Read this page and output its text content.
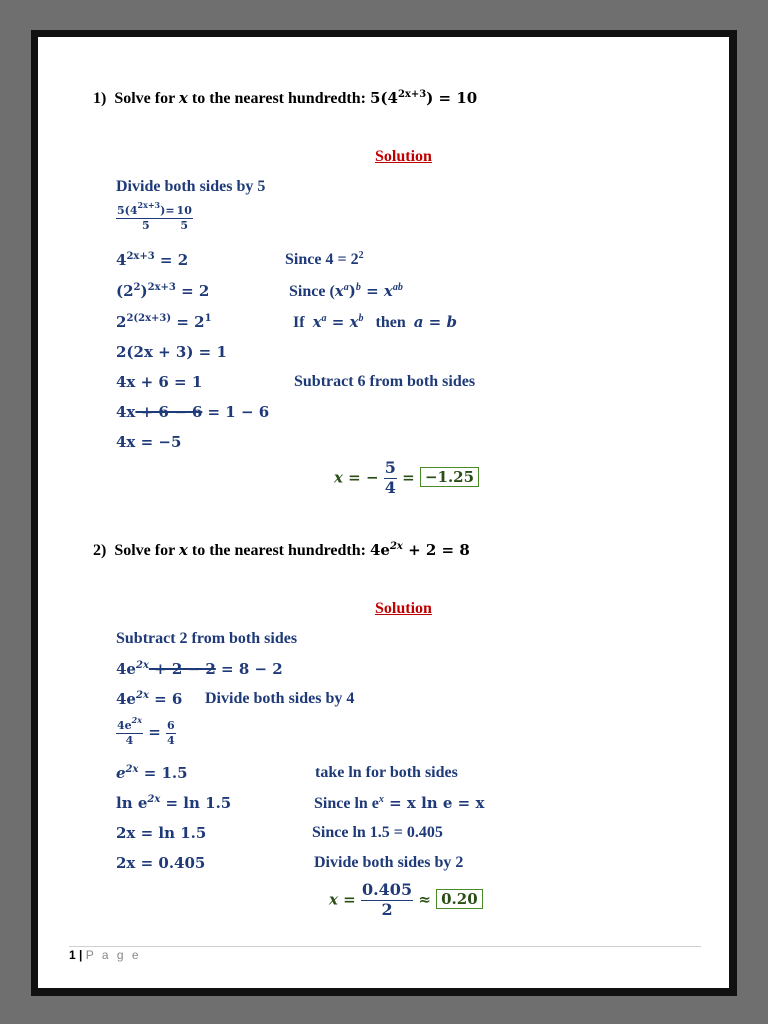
1) Solve for x to the nearest hundredth: $5(4^{2x+3}) = 10$
Solution
Divide both sides by 5
$\frac{5(4^{2x+3})=}{5} \frac{10}{5}$
$4^{2x+3} = 2$	Since $4 = 2^2$
$(2^2)^{2x+3} = 2$	Since $(x^a)^b = x^{ab}$
$2^{2(2x+3)} = 2^1$	If $x^a = x^b$ then a = b
2(2x + 3) = 1
4x + 6 = 1	Subtract 6 from both sides
4x + 6 − 6 = 1 − 6
4x = −5
x = − $\frac{5}{4} = -1.25$
2) Solve for x to the nearest hundredth: $4e^{2x} + 2 = 8$
Solution
Subtract 2 from both sides
$4e^{2x} + 2 - 2 = 8 - 2$
$4e^{2x} = 6$ Divide both sides by 4
$\frac{4e^{2x}}{4} = \frac{6}{4}$
$e^{2x} = 1.5$	take ln for both sides
$\ln e^{2x} = \ln 1.5$	Since $\ln e^x = x$ ln e = x
2x = ln 1.5	Since ln 1.5 = 0.405
2x = 0.405	Divide both sides by 2
$x = \frac{0.405}{2} \approx 0.20$
1 | P a g e
